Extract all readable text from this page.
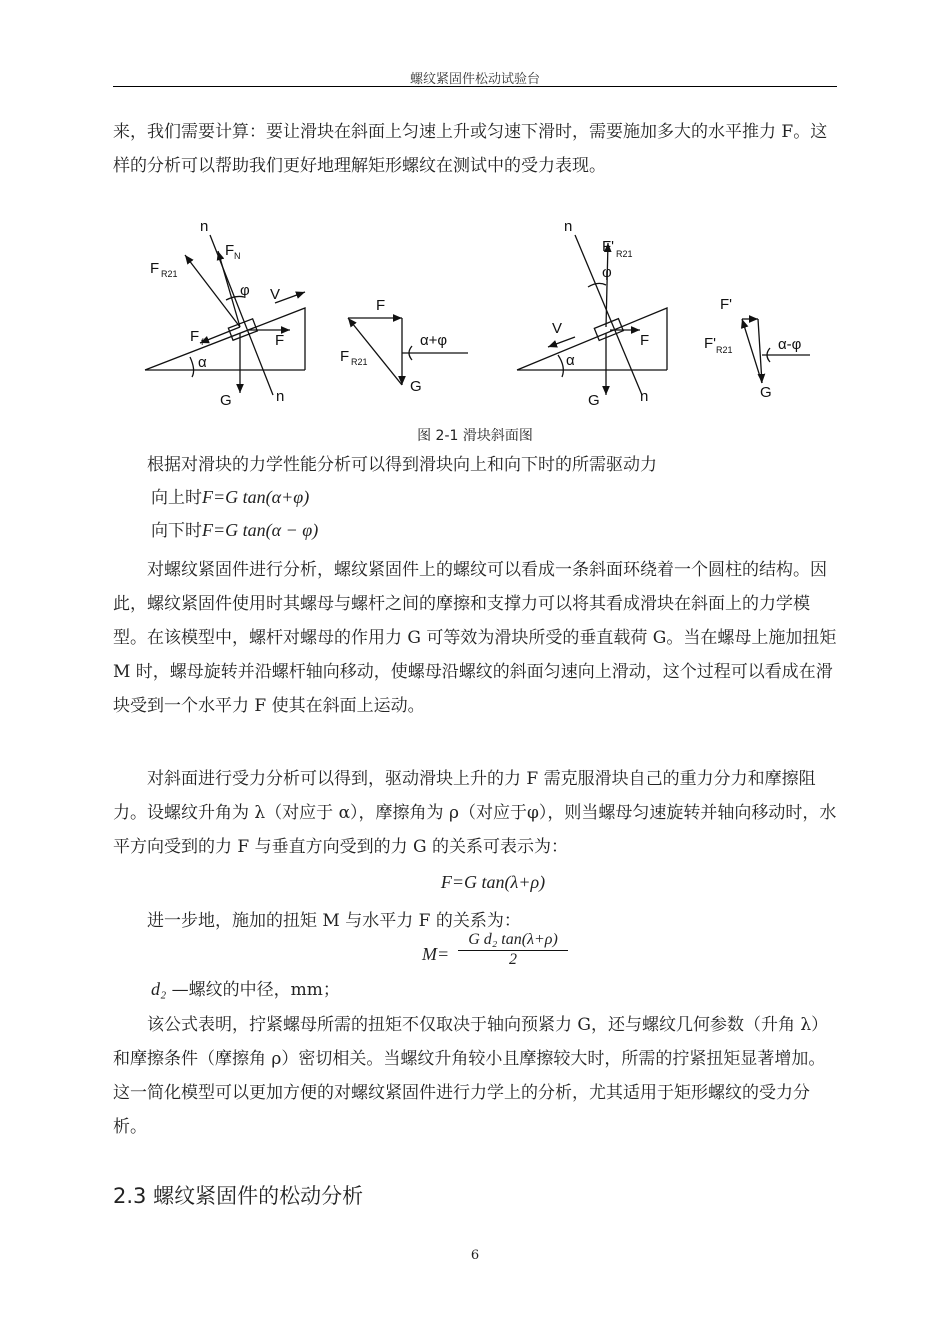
螺纹紧固件松动试验台

来，我们需要计算：要让滑块在斜面上匀速上升或匀速下滑时，需要施加多大的水平推力 F。这样的分析可以帮助我们更好地理解矩形螺纹在测试中的受力表现。

n
F N
F R21
φ V
F f	F
α
G	n
F
F R21
G
α+φ
n
F' R21
φ
V
F
α
G	n
F'
F' R21	α-φ
G
图 2-1 滑块斜面图

根据对滑块的力学性能分析可以得到滑块向上和向下时的所需驱动力

向上时F=G tan(α+φ)
向下时F=G tan(α − φ)

对螺纹紧固件进行分析，螺纹紧固件上的螺纹可以看成一条斜面环绕着一个圆柱的结构。因此，螺纹紧固件使用时其螺母与螺杆之间的摩擦和支撑力可以将其看成滑块在斜面上的力学模型。在该模型中，螺杆对螺母的作用力 G 可等效为滑块所受的垂直载荷 G。当在螺母上施加扭矩 M 时，螺母旋转并沿螺杆轴向移动，使螺母沿螺纹的斜面匀速向上滑动，这个过程可以看成在滑块受到一个水平力 F 使其在斜面上运动。

对斜面进行受力分析可以得到，驱动滑块上升的力 F 需克服滑块自己的重力分力和摩擦阻力。设螺纹升角为 λ（对应于 α），摩擦角为 ρ（对应于φ），则当螺母匀速旋转并轴向移动时，水平方向受到的力 F 与垂直方向受到的力 G 的关系可表示为：

F=G tan(λ+ρ)

进一步地，施加的扭矩 M 与水平力 F 的关系为：

$M= \frac{\text{G d₂ tan(λ+ρ)}}{2}$
d₂ —螺纹的中径，mm；

该公式表明，拧紧螺母所需的扭矩不仅取决于轴向预紧力 G，还与螺纹几何参数（升角 λ）和摩擦条件（摩擦角 ρ）密切相关。当螺纹升角较小且摩擦较大时，所需的拧紧扭矩显著增加。这一简化模型可以更加方便的对螺纹紧固件进行力学上的分析，尤其适用于矩形螺纹的受力分析。

2.3 螺纹紧固件的松动分析
6
